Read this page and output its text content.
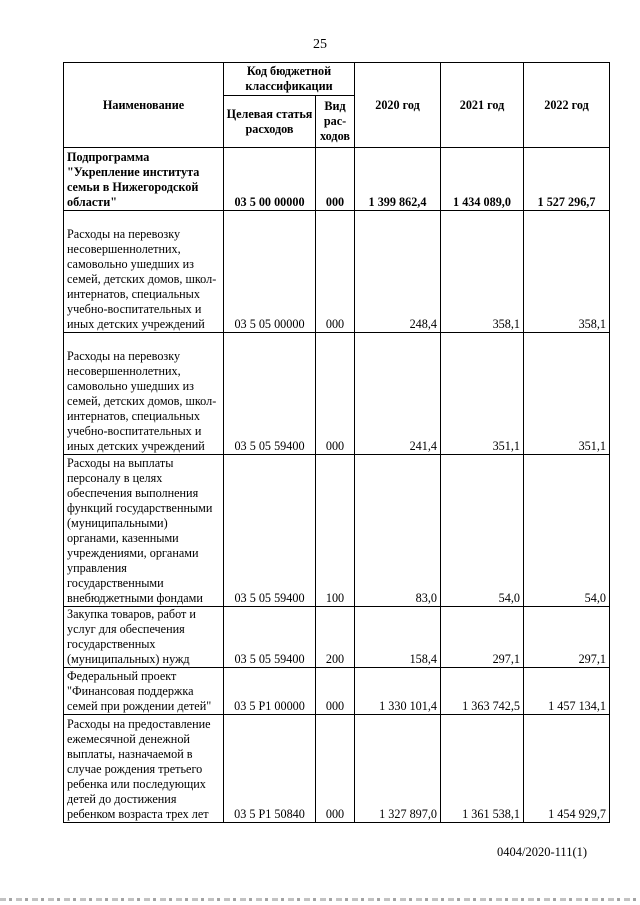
25
Наименование	Код бюджетной классификации		2020 год	2021 год	2022 год
	Целевая статья расходов	Вид рас-ходов			
Подпрограмма "Укрепление института семьи в Нижегородской области"	03 5 00 00000	000	1 399 862,4	1 434 089,0	1 527 296,7
Расходы на перевозку несовершеннолетних, самовольно ушедших из семей, детских домов, школ-интернатов, специальных учебно-воспитательных и иных детских учреждений	03 5 05 00000	000	248,4	358,1	358,1
Расходы на перевозку несовершеннолетних, самовольно ушедших из семей, детских домов, школ-интернатов, специальных учебно-воспитательных и иных детских учреждений	03 5 05 59400	000	241,4	351,1	351,1
Расходы на выплаты персоналу в целях обеспечения выполнения функций государственными (муниципальными) органами, казенными учреждениями, органами управления государственными внебюджетными фондами	03 5 05 59400	100	83,0	54,0	54,0
Закупка товаров, работ и услуг для обеспечения государственных (муниципальных) нужд	03 5 05 59400	200	158,4	297,1	297,1
Федеральный проект "Финансовая поддержка семей при рождении детей"	03 5 P1 00000	000	1 330 101,4	1 363 742,5	1 457 134,1
Расходы на предоставление ежемесячной денежной выплаты, назначаемой в случае рождения третьего ребенка или последующих детей до достижения ребенком возраста трех лет	03 5 P1 50840	000	1 327 897,0	1 361 538,1	1 454 929,7
0404/2020-111(1)
